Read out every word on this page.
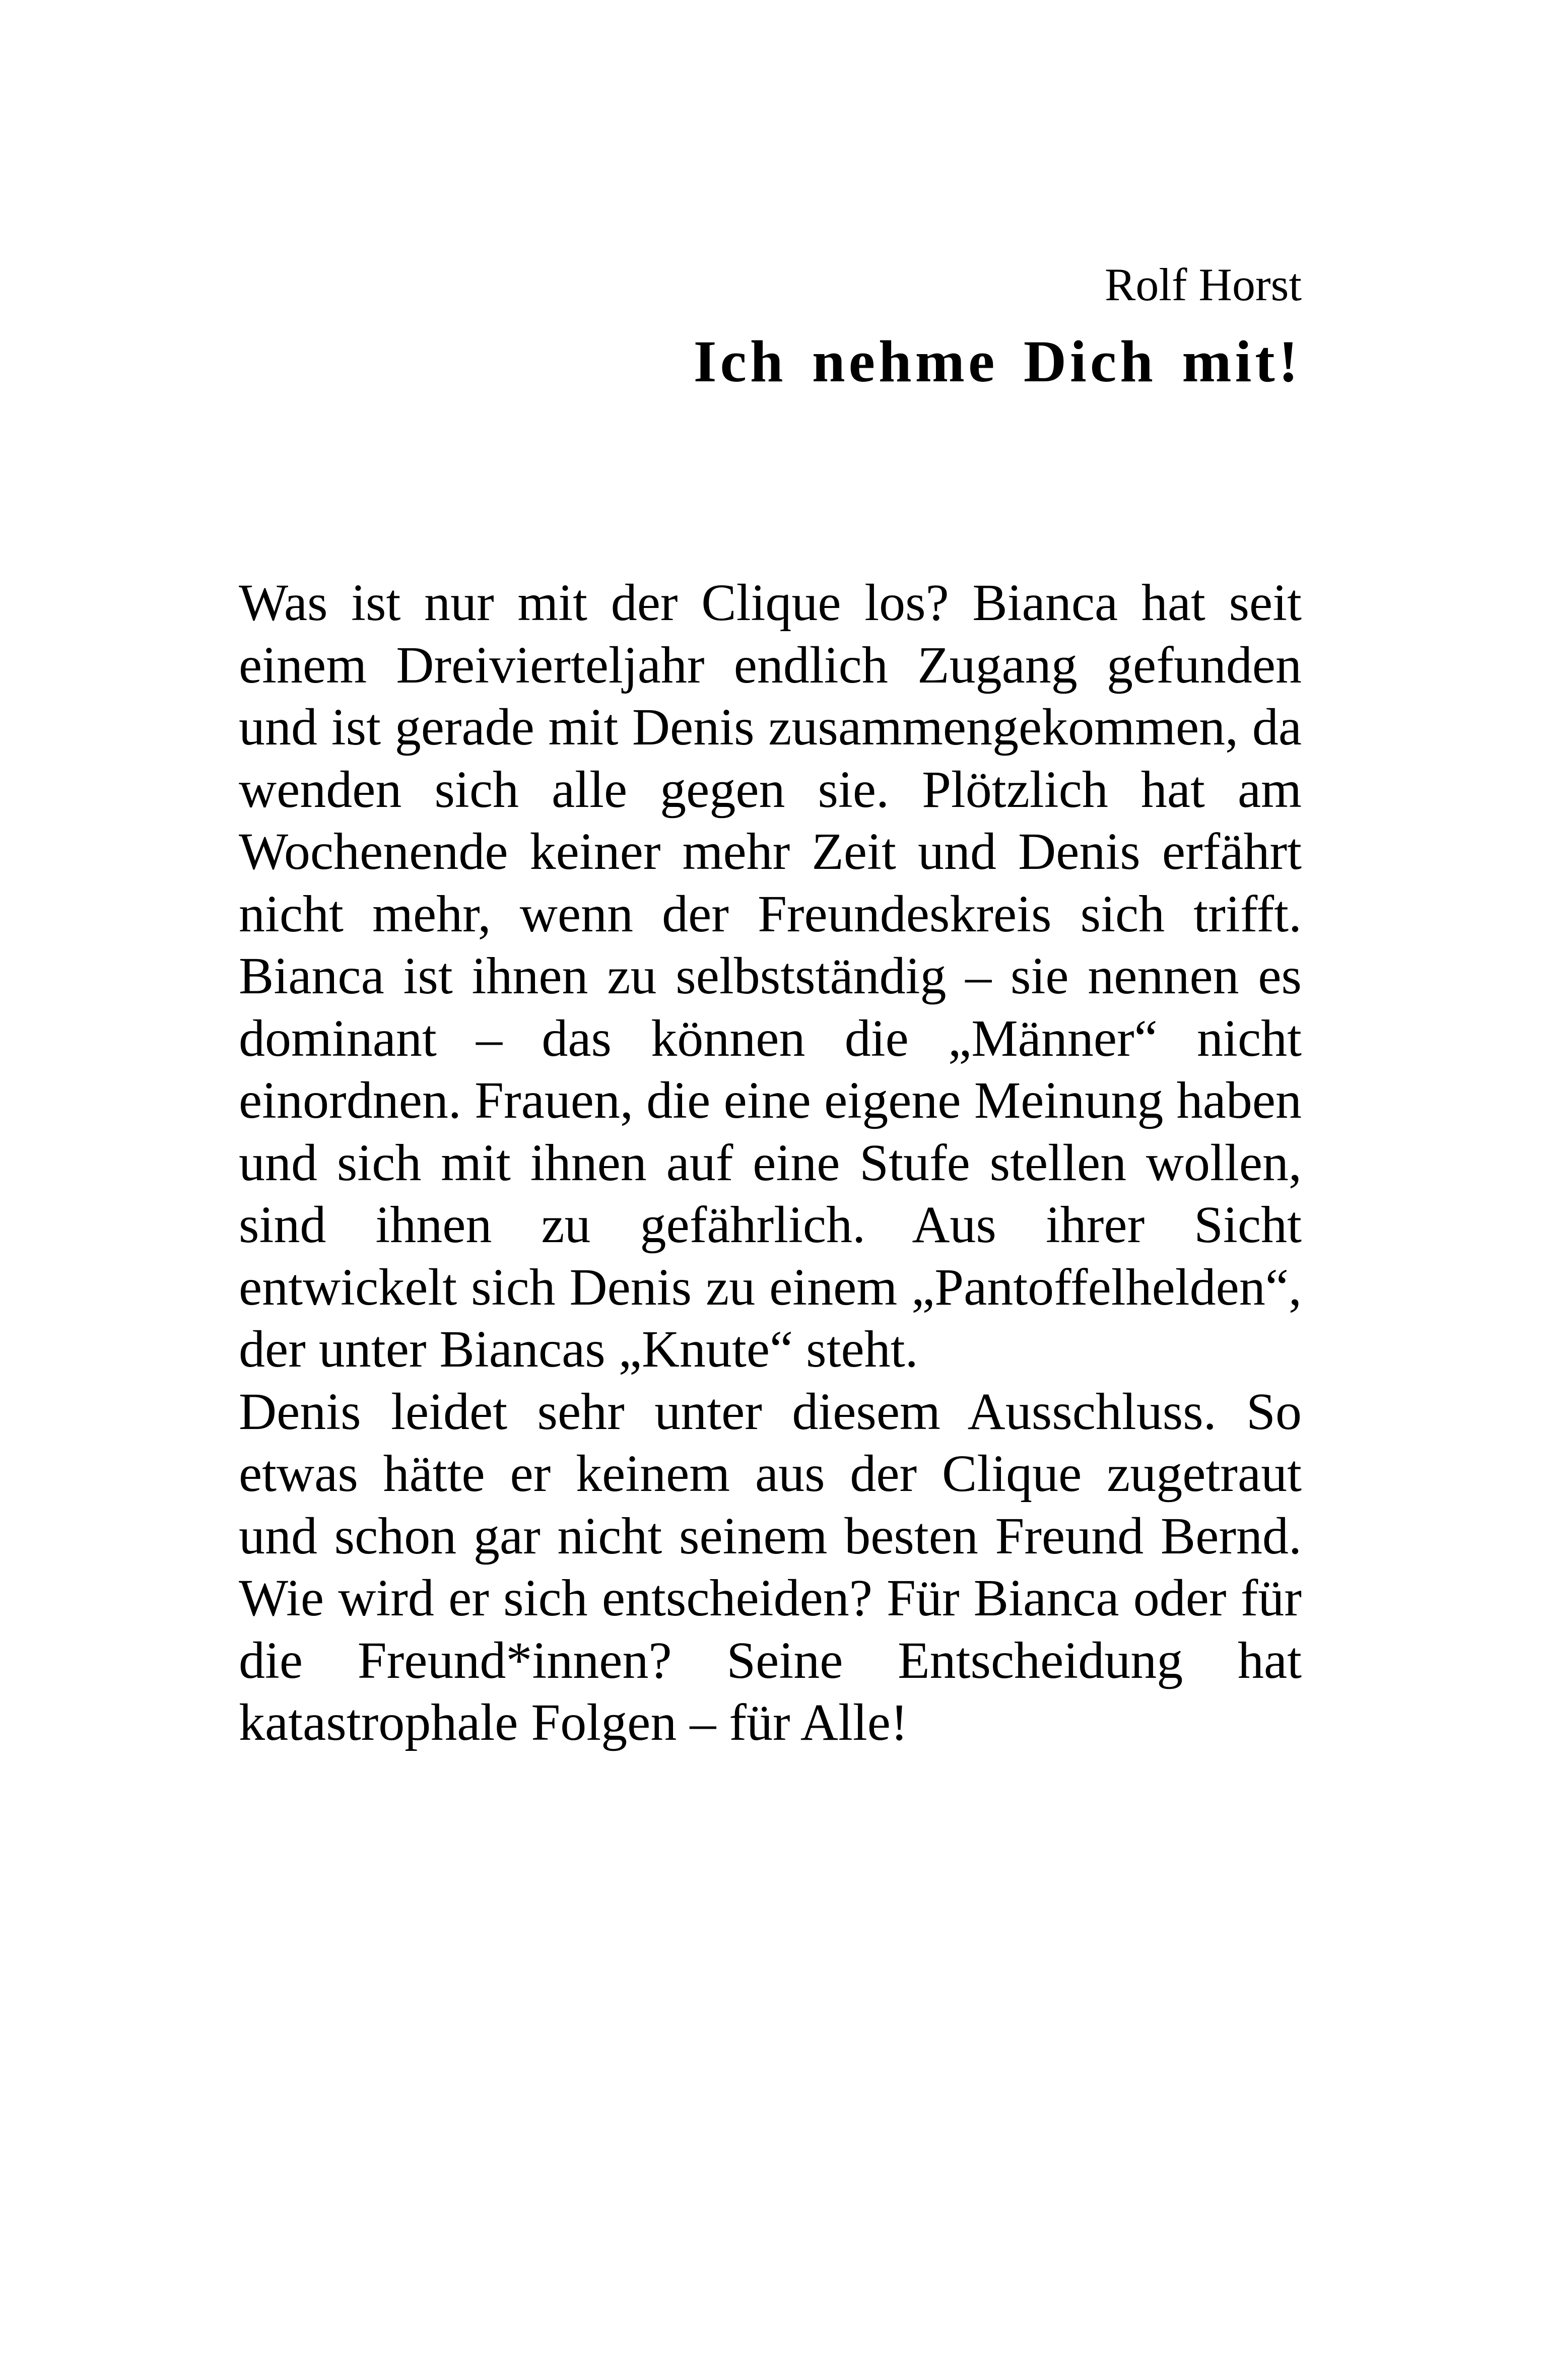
Rolf Horst
Ich nehme Dich mit!

Was ist nur mit der Clique los? Bianca hat seit einem Dreivierteljahr endlich Zugang gefunden und ist gerade mit Denis zusammengekommen, da wenden sich alle gegen sie. Plötzlich hat am Wochenende keiner mehr Zeit und Denis erfährt nicht mehr, wenn der Freundeskreis sich trifft. Bianca ist ihnen zu selbstständig – sie nennen es dominant – das können die „Männer“ nicht einordnen. Frauen, die eine eigene Meinung haben und sich mit ihnen auf eine Stufe stellen wollen, sind ihnen zu gefährlich. Aus ihrer Sicht entwickelt sich Denis zu einem „Pantoffelhelden“, der unter Biancas „Knute“ steht.

Denis leidet sehr unter diesem Ausschluss. So etwas hätte er keinem aus der Clique zugetraut und schon gar nicht seinem besten Freund Bernd. Wie wird er sich entscheiden? Für Bianca oder für die Freund*innen? Seine Entscheidung hat katastrophale Folgen – für Alle!
